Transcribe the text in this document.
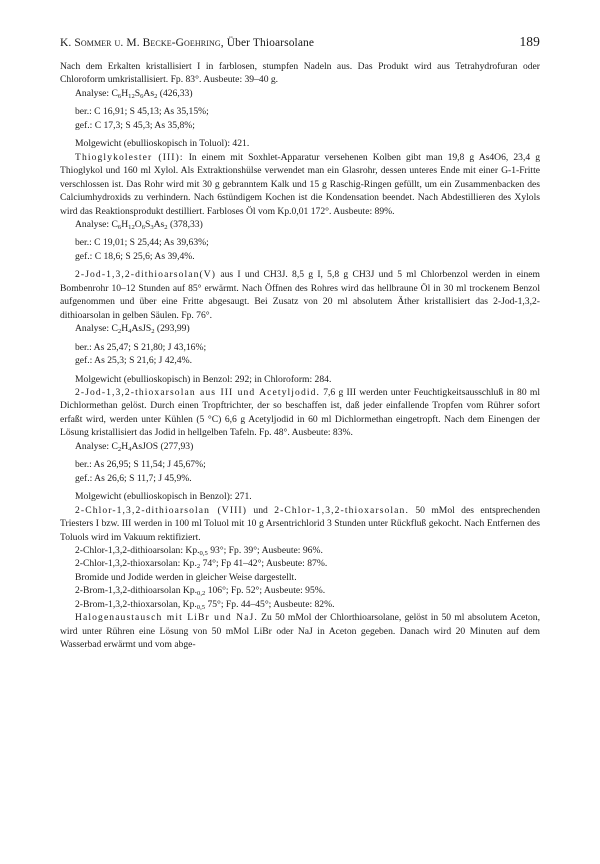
K. Sommer u. M. Becke-Goehring, Über Thioarsolane	189

Nach dem Erkalten kristallisiert I in farblosen, stumpfen Nadeln aus. Das Produkt wird aus Tetrahydrofuran oder Chloroform umkristallisiert. Fp. 83°. Ausbeute: 39–40 g.

Analyse: $C_6H_{12}S_6As_2$ (426,33)

ber.: C 16,91; S 45,13; As 35,15%;

gef.: C 17,3; S 45,3; As 35,8%;

Molgewicht (ebullioskopisch in Toluol): 421.

Thioglykolester (III): In einem mit Soxhlet-Apparatur versehenen Kolben gibt man 19,8 g As4O6, 23,4 g Thioglykol und 160 ml Xylol. Als Extraktionshülse verwendet man ein Glasrohr, dessen unteres Ende mit einer G-1-Fritte verschlossen ist. Das Rohr wird mit 30 g gebranntem Kalk und 15 g Raschig-Ringen gefüllt, um ein Zusammenbacken des Calciumhydroxids zu verhindern. Nach 6stündigem Kochen ist die Kondensation beendet. Nach Abdestillieren des Xylols wird das Reaktionsprodukt destilliert. Farbloses Öl vom Kp.0,01 172°. Ausbeute: 89%.

Analyse: $C_6H_{12}O_6S_3As_2$ (378,33)

ber.: C 19,01; S 25,44; As 39,63%;

gef.: C 18,6; S 25,6; As 39,4%.

2-Jod-1,3,2-dithioarsolan(V) aus I und CH3J. 8,5 g I, 5,8 g CH3J und 5 ml Chlorbenzol werden in einem Bombenrohr 10–12 Stunden auf 85° erwärmt. Nach Öffnen des Rohres wird das hellbraune Öl in 30 ml trockenem Benzol aufgenommen und über eine Fritte abgesaugt. Bei Zusatz von 20 ml absolutem Äther kristallisiert das 2-Jod-1,3,2-dithioarsolan in gelben Säulen. Fp. 76°.

Analyse: $C_2H_4AsJS_2$ (293,99)

ber.: As 25,47; S 21,80; J 43,16%;

gef.: As 25,3; S 21,6; J 42,4%.

Molgewicht (ebullioskopisch) in Benzol: 292; in Chloroform: 284.

2-Jod-1,3,2-thioxarsolan aus III und Acetyljodid. 7,6 g III werden unter Feuchtigkeitsausschluß in 80 ml Dichlormethan gelöst. Durch einen Tropftrichter, der so beschaffen ist, daß jeder einfallende Tropfen vom Rührer sofort erfaßt wird, werden unter Kühlen (5 °C) 6,6 g Acetyljodid in 60 ml Dichlormethan eingetropft. Nach dem Einengen der Lösung kristallisiert das Jodid in hellgelben Tafeln. Fp. 48°. Ausbeute: 83%.

Analyse: $C_2H_4AsJOS$ (277,93)

ber.: As 26,95; S 11,54; J 45,67%;

gef.: As 26,6; S 11,7; J 45,9%.

Molgewicht (ebullioskopisch in Benzol): 271.

2-Chlor-1,3,2-dithioarsolan (VIII) und 2-Chlor-1,3,2-thioxarsolan. 50 mMol des entsprechenden Triesters I bzw. III werden in 100 ml Toluol mit 10 g Arsentrichlorid 3 Stunden unter Rückfluß gekocht. Nach Entfernen des Toluols wird im Vakuum rektifiziert.

2-Chlor-1,3,2-dithioarsolan: $Kp._{0,5}$ 93°; Fp. 39°; Ausbeute: 96%.

2-Chlor-1,3,2-thioxarsolan: $Kp._2$ 74°; Fp 41–42°; Ausbeute: 87%.

Bromide und Jodide werden in gleicher Weise dargestellt.

2-Brom-1,3,2-dithioarsolan $Kp._{0,2}$ 106°; Fp. 52°; Ausbeute: 95%.

2-Brom-1,3,2-thioxarsolan, $Kp._{0,5}$ 75°; Fp. 44–45°; Ausbeute: 82%.

Halogenaustausch mit LiBr und NaJ. Zu 50 mMol der Chlorthioarsolane, gelöst in 50 ml absolutem Aceton, wird unter Rühren eine Lösung von 50 mMol LiBr oder NaJ in Aceton gegeben. Danach wird 20 Minuten auf dem Wasserbad erwärmt und vom abge-
